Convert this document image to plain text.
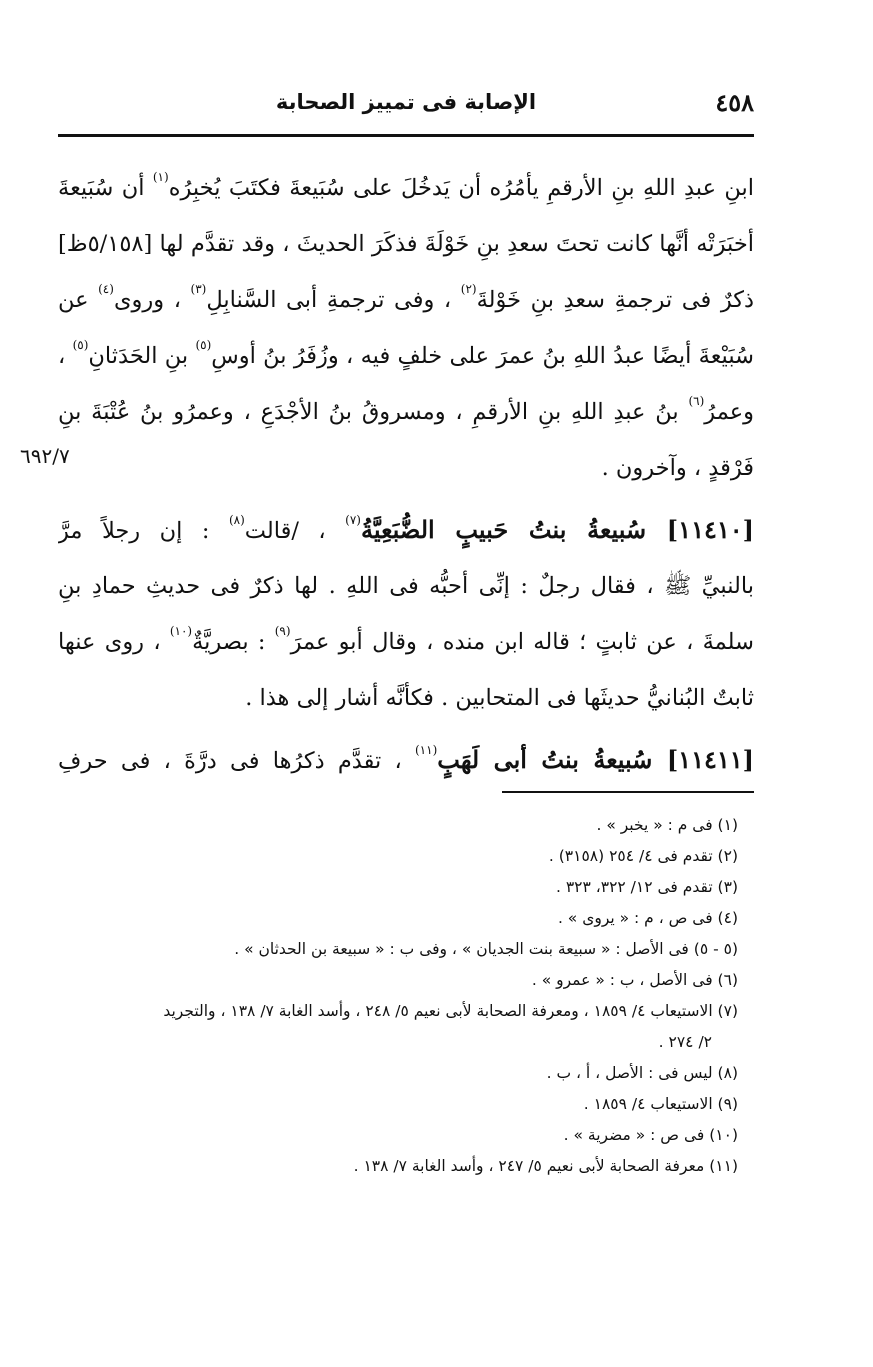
٤٥٨
الإصابة فى تمييز الصحابة
٦٩٢/٧
ابنِ عبدِ اللهِ بنِ الأرقمِ يأمُرُه أن يَدخُلَ على سُبَيعةَ فكتَبَ يُخبِرُه$^{(١)}$ أن سُبَيعةَ
أخبَرَتْه أنَّها كانت تحتَ سعدِ بنِ خَوْلَةَ فذكَرَ الحديثَ ، وقد تقدَّم لها [٥/١٥٨ظ]
ذكرٌ فى ترجمةِ سعدِ بنِ خَوْلةَ$^{(٢)}$ ، وفى ترجمةِ أبى السَّنابِلِ$^{(٣)}$ ، وروى$^{(٤)}$ عن
سُبَيْعةَ أيضًا عبدُ اللهِ بنُ عمرَ على خلفٍ فيه ، وزُفَرُ بنُ أوسِ$^{(٥)}$ بنِ الحَدَثانِ$^{(٥)}$ ،
وعمرُ$^{(٦)}$ بنُ عبدِ اللهِ بنِ الأرقمِ ، ومسروقُ بنُ الأجْدَعِ ، وعمرُو بنُ عُتْبَةَ بنِ
فَرْقدٍ ، وآخرون .
[١١٤١٠] سُبيعةُ بنتُ حَبيبٍ الضُّبَعِيَّةُ$^{(٧)}$ ، /قالت$^{(٨)}$ : إن رجلاً مرَّ
بالنبيِّ ﷺ ، فقال رجلٌ : إنِّى أحبُّه فى اللهِ . لها ذكرٌ فى حديثِ حمادِ بنِ
سلمةَ ، عن ثابتٍ ؛ قاله ابن منده ، وقال أبو عمرَ$^{(٩)}$ : بصريَّةٌ$^{(١٠)}$ ، روى عنها
ثابتٌ البُنانيُّ حديثَها فى المتحابين . فكأنَّه أشار إلى هذا .
[١١٤١١] سُبيعةُ بنتُ أبى لَهَبٍ$^{(١١)}$ ، تقدَّم ذكرُها فى درَّةَ ، فى حرفِ
(١) فى م : « يخبر » .
(٢) تقدم فى ٤/ ٢٥٤ (٣١٥٨) .
(٣) تقدم فى ١٢/ ٣٢٢، ٣٢٣ .
(٤) فى ص ، م : « يروى » .
(٥ - ٥) فى الأصل : « سبيعة بنت الجديان » ، وفى ب : « سبيعة بن الحدثان » .
(٦) فى الأصل ، ب : « عمرو » .
(٧) الاستيعاب ٤/ ١٨٥٩ ، ومعرفة الصحابة لأبى نعيم ٥/ ٢٤٨ ، وأسد الغابة ٧/ ١٣٨ ، والتجريد
٢/ ٢٧٤ .
(٨) ليس فى : الأصل ، أ ، ب .
(٩) الاستيعاب ٤/ ١٨٥٩ .
(١٠) فى ص : « مضرية » .
(١١) معرفة الصحابة لأبى نعيم ٥/ ٢٤٧ ، وأسد الغابة ٧/ ١٣٨ .
